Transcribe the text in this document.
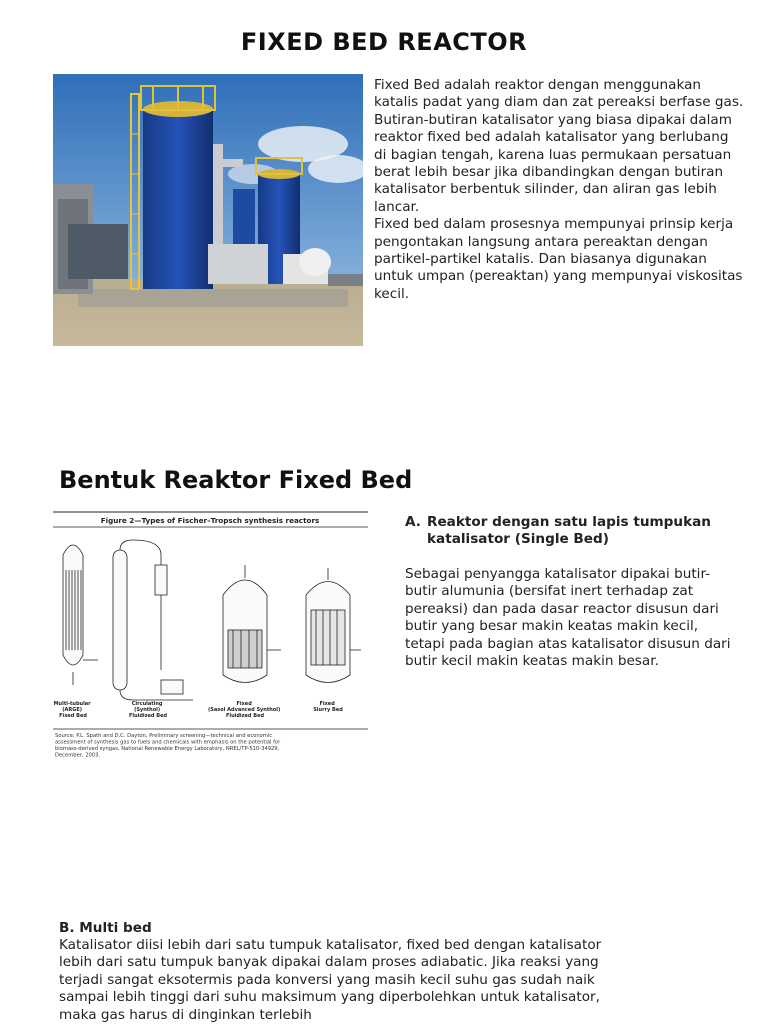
FIXED BED REACTOR

Fixed Bed adalah reaktor dengan menggunakan katalis padat yang diam dan zat pereaksi berfase gas. Butiran-butiran katalisator yang biasa dipakai dalam reaktor fixed bed adalah katalisator yang berlubang di bagian tengah, karena luas permukaan persatuan berat lebih besar jika dibandingkan dengan butiran katalisator berbentuk silinder, dan aliran gas lebih lancar.

Fixed bed dalam prosesnya mempunyai prinsip kerja pengontakan langsung antara pereaktan dengan partikel-partikel katalis. Dan biasanya digunakan untuk umpan (pereaktan) yang mempunyai viskositas kecil.

Bentuk Reaktor Fixed Bed
Figure 2—Types of Fischer–Tropsch synthesis reactors
Multi-tubular (ARGE) Fixed Bed
Circulating (Synthol) Fluidized Bed
Fixed (Sasol Advanced Synthol) Fluidized Bed
Fixed Slurry Bed
Source: P.L. Spath and D.C. Dayton, Preliminary screening—technical and economic assessment of synthesis gas to fuels and chemicals with emphasis on the potential for biomass-derived syngas, National Renewable Energy Laboratory, NREL/TP-510-34929, December, 2003.
A. Reaktor dengan satu lapis tumpukan katalisator (Single Bed)
Sebagai penyangga katalisator dipakai butir-butir alumunia (bersifat inert terhadap zat pereaksi) dan pada dasar reactor disusun dari butir yang besar makin keatas makin kecil, tetapi pada bagian atas katalisator disusun dari butir kecil makin keatas makin besar.
B. Multi bed
Katalisator diisi lebih dari satu tumpuk katalisator, fixed bed dengan katalisator lebih dari satu tumpuk banyak dipakai dalam proses adiabatic. Jika reaksi yang terjadi sangat eksotermis pada konversi yang masih kecil suhu gas sudah naik sampai lebih tinggi dari suhu maksimum yang diperbolehkan untuk katalisator, maka gas harus di dinginkan terlebih
